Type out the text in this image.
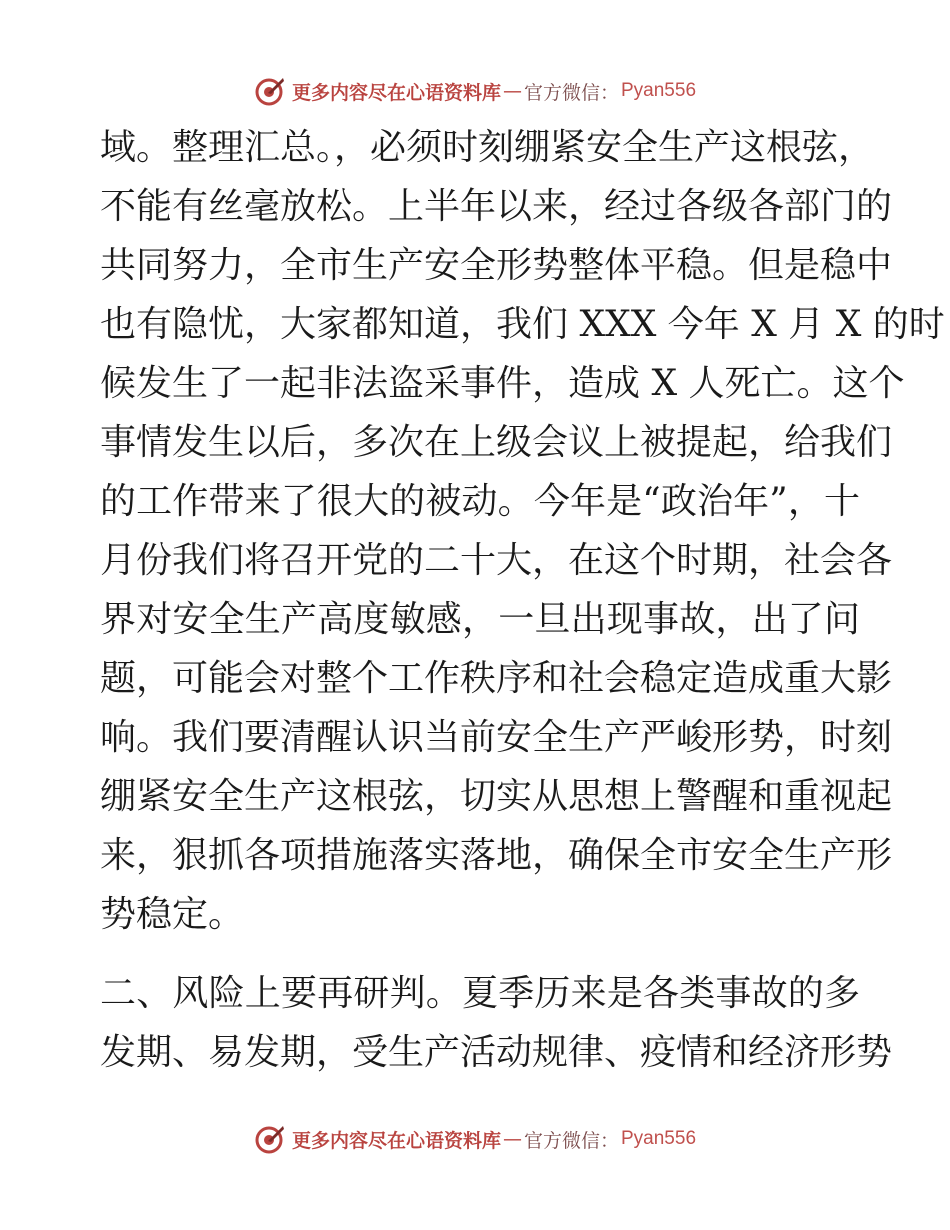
更多内容尽在心语资料库 — 官方微信： Pyan556
域。整理汇总。，必须时刻绷紧安全生产这根弦，
不能有丝毫放松。上半年以来，经过各级各部门的
共同努力，全市生产安全形势整体平稳。但是稳中
也有隐忧，大家都知道，我们 XXX 今年 X 月 X 的时
候发生了一起非法盗采事件，造成 X 人死亡。这个
事情发生以后，多次在上级会议上被提起，给我们
的工作带来了很大的被动。今年是“政治年”，十
月份我们将召开党的二十大，在这个时期，社会各
界对安全生产高度敏感，一旦出现事故，出了问
题，可能会对整个工作秩序和社会稳定造成重大影
响。我们要清醒认识当前安全生产严峻形势，时刻
绷紧安全生产这根弦，切实从思想上警醒和重视起
来，狠抓各项措施落实落地，确保全市安全生产形
势稳定。
二、风险上要再研判。夏季历来是各类事故的多
发期、易发期，受生产活动规律、疫情和经济形势
更多内容尽在心语资料库 — 官方微信： Pyan556
